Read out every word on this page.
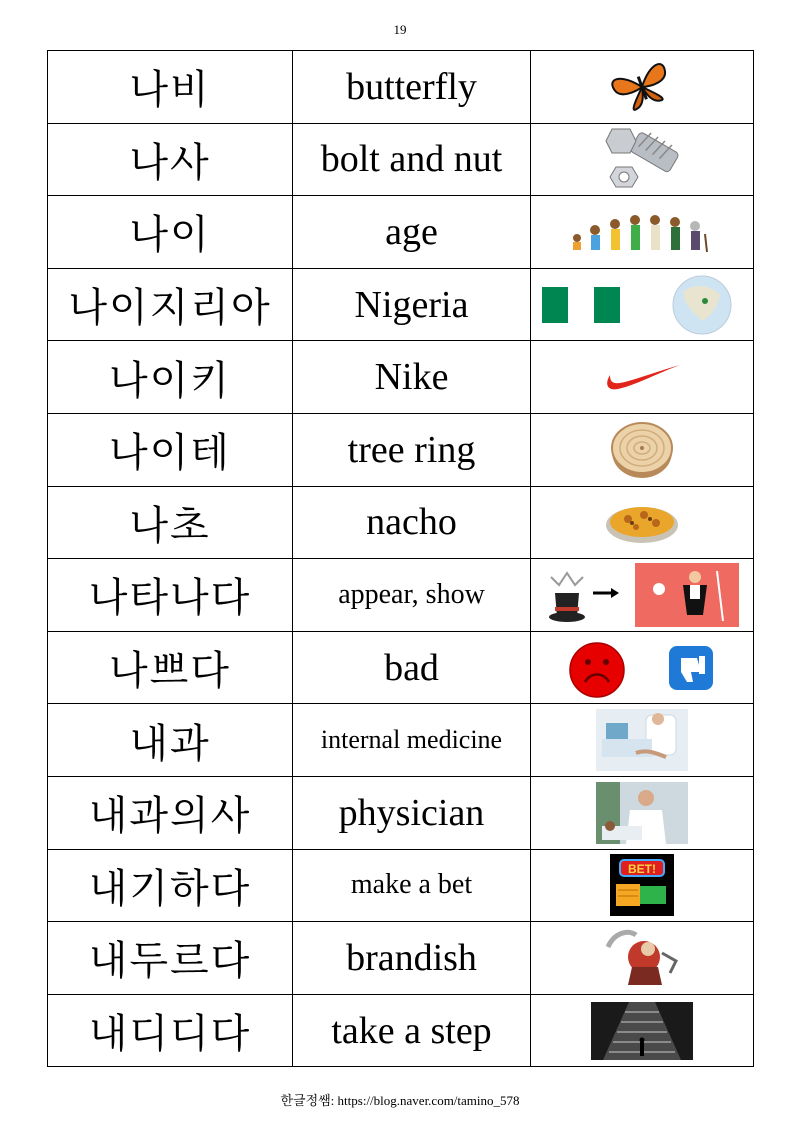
19
나비	butterfly	

나사	bolt and nut	

나이	age	

나이지리아	Nigeria	

나이키	Nike	

나이테	tree ring	

나초	nacho	

나타나다	appear, show	

나쁘다	bad	

내과	internal medicine	

내과의사	physician	

내기하다	make a bet	BET!

내두르다	brandish	

내디디다	take a step	
한글정쌤: https://blog.naver.com/tamino_578
